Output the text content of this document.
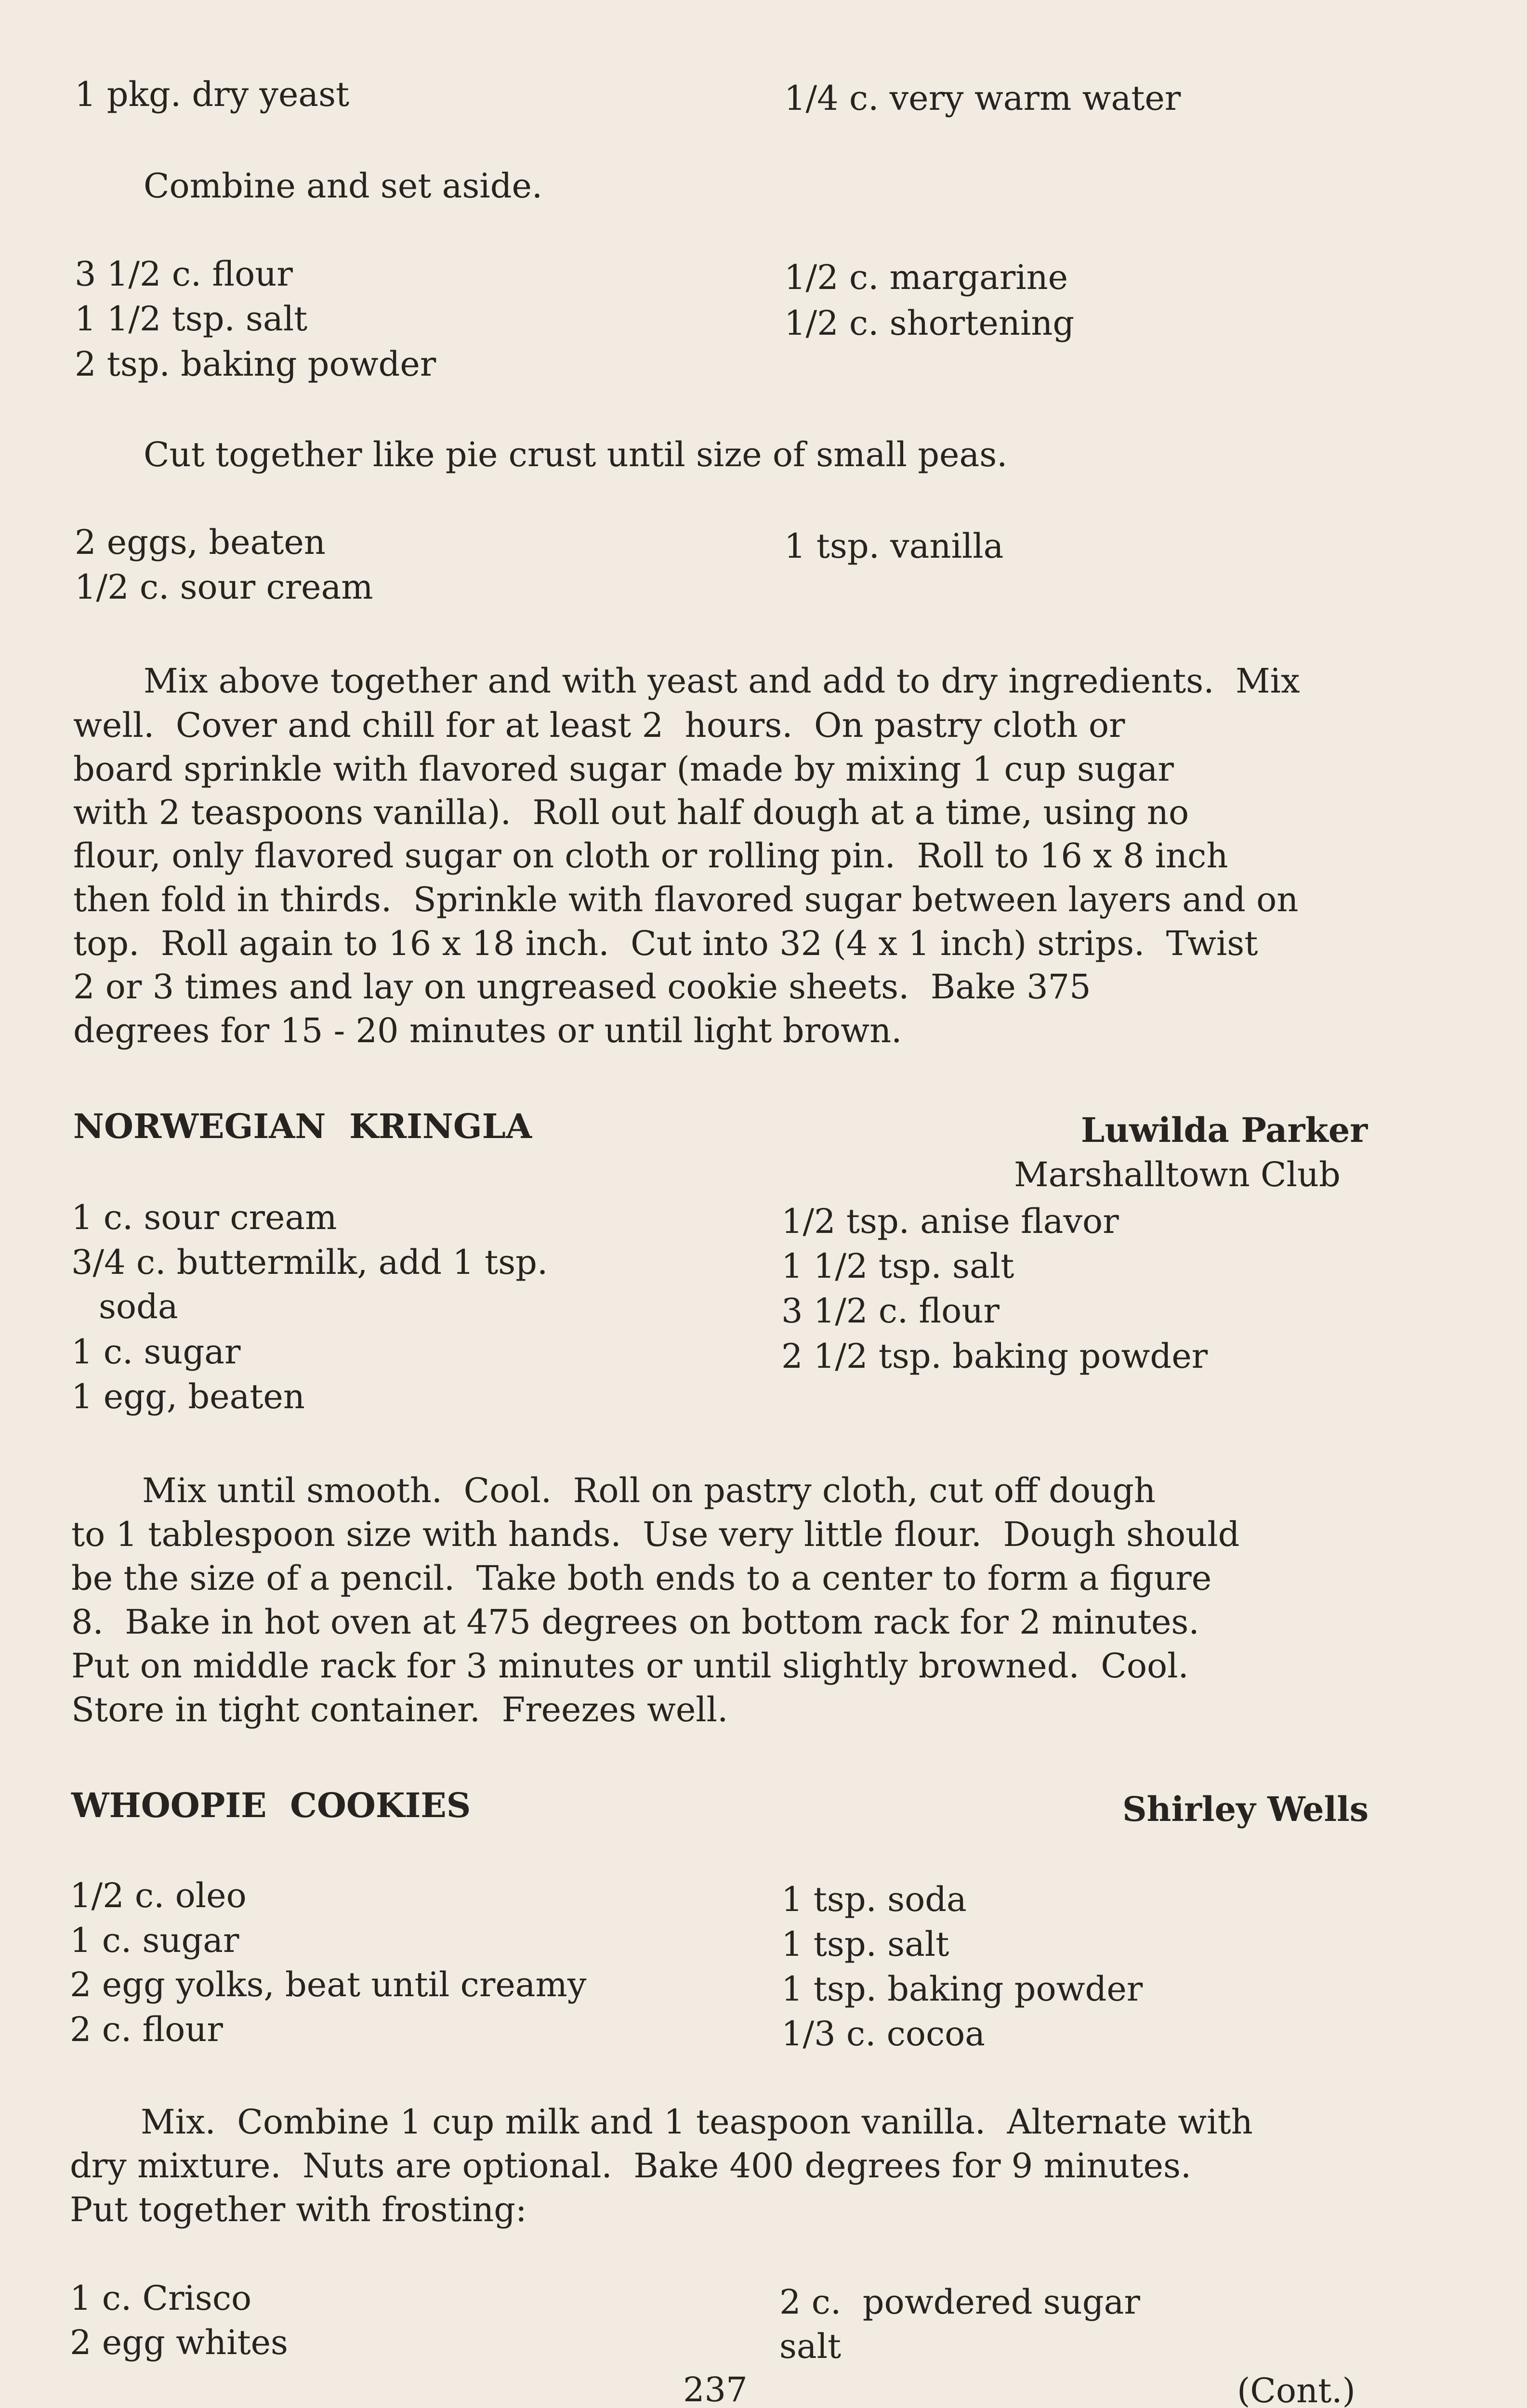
1 pkg. dry yeast	1/4 c. very warm water
Combine and set aside.
3 1/2 c. flour
1 1/2 tsp. salt
2 tsp. baking powder
1/2 c. margarine
1/2 c. shortening
Cut together like pie crust until size of small peas.
2 eggs, beaten
1/2 c. sour cream
1 tsp. vanilla
Mix above together and with yeast and add to dry ingredients.  Mix
well.  Cover and chill for at least 2  hours.  On pastry cloth or
board sprinkle with flavored sugar (made by mixing 1 cup sugar
with 2 teaspoons vanilla).  Roll out half dough at a time, using no
flour, only flavored sugar on cloth or rolling pin.  Roll to 16 x 8 inch
then fold in thirds.  Sprinkle with flavored sugar between layers and on
top.  Roll again to 16 x 18 inch.  Cut into 32 (4 x 1 inch) strips.  Twist
2 or 3 times and lay on ungreased cookie sheets.  Bake 375
degrees for 15 - 20 minutes or until light brown.
NORWEGIAN  KRINGLA	Luwilda Parker
Marshalltown Club
1 c. sour cream
3/4 c. buttermilk, add 1 tsp.
soda
1 c. sugar
1 egg, beaten
1/2 tsp. anise flavor
1 1/2 tsp. salt
3 1/2 c. flour
2 1/2 tsp. baking powder
Mix until smooth.  Cool.  Roll on pastry cloth, cut off dough
to 1 tablespoon size with hands.  Use very little flour.  Dough should
be the size of a pencil.  Take both ends to a center to form a figure
8.  Bake in hot oven at 475 degrees on bottom rack for 2 minutes.
Put on middle rack for 3 minutes or until slightly browned.  Cool.
Store in tight container.  Freezes well.
WHOOPIE  COOKIES	Shirley Wells
1/2 c. oleo
1 c. sugar
2 egg yolks, beat until creamy
2 c. flour
1 tsp. soda
1 tsp. salt
1 tsp. baking powder
1/3 c. cocoa
Mix.  Combine 1 cup milk and 1 teaspoon vanilla.  Alternate with
dry mixture.  Nuts are optional.  Bake 400 degrees for 9 minutes.
Put together with frosting:
1 c. Crisco
2 egg whites
2 c.  powdered sugar
salt
237	(Cont.)
